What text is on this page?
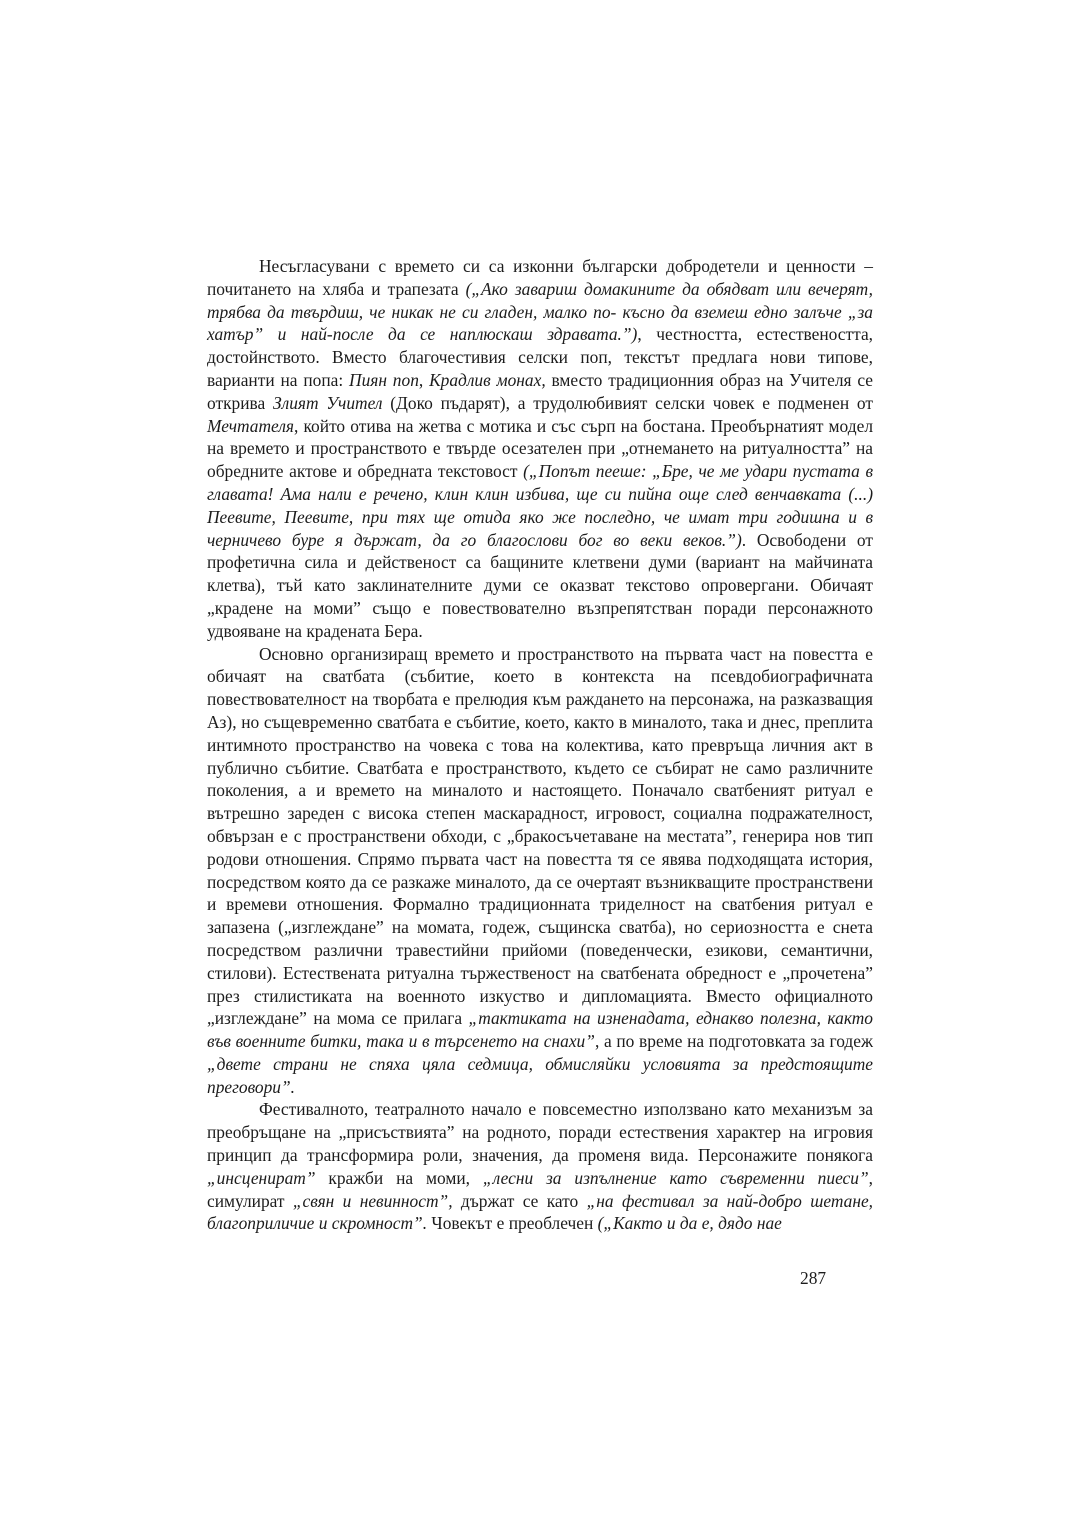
Несъгласувани с времето си са изконни български добродетели и ценности – почитането на хляба и трапезата („Ако завариш домакините да обядват или вечерят, трябва да твърдиш, че никак не си гладен, малко по- късно да вземеш едно залъче „за хатър” и най-после да се наплюскаш здравата.”), честността, естествеността, достойнството. Вместо благочестивия селски поп, текстът предлага нови типове, варианти на попа: Пиян поп, Крадлив монах, вместо традиционния образ на Учителя се открива Злият Учител (Доко пъдарят), а трудолюбивият селски човек е подменен от Мечтателя, който отива на жетва с мотика и със сърп на бостана. Преобърнатият модел на времето и пространството е твърде осезателен при „отнемането на ритуалността” на обредните актове и обредната текстовост („Попът пееше: „Бре, че ме удари пустата в главата! Ама нали е речено, клин клин избива, ще си пийна още след венчавката (...) Пеевите, Пеевите, при тях ще отида яко же последно, че имат три годишна и в черничево буре я държат, да го благослови бог во веки веков.”). Освободени от профетична сила и действеност са бащините клетвени думи (вариант на майчината клетва), тъй като заклинателните думи се оказват текстово опровергани. Обичаят „крадене на моми” също е повествователно възпрепятстван поради персонажното удвояване на крадената Бера.

Основно организиращ времето и пространството на първата част на повестта е обичаят на сватбата (събитие, което в контекста на псевдобиографичната повествователност на творбата е прелюдия към раждането на персонажа, на разказващия Аз), но същевременно сватбата е събитие, което, както в миналото, така и днес, преплита интимното пространство на човека с това на колектива, като превръща личния акт в публично събитие. Сватбата е пространството, където се събират не само различните поколения, а и времето на миналото и настоящето. Поначало сватбеният ритуал е вътрешно зареден с висока степен маскарадност, игровост, социална подражателност, обвързан е с пространствени обходи, с „бракосъчетаване на местата”, генерира нов тип родови отношения. Спрямо първата част на повестта тя се явява подходящата история, посредством която да се разкаже миналото, да се очертаят възникващите пространствени и времеви отношения. Формално традиционната триделност на сватбения ритуал е запазена („изглеждане” на момата, годеж, същинска сватба), но сериозността е снета посредством различни травестийни прийоми (поведенчески, езикови, семантични, стилови). Естествената ритуална тържественост на сватбената обредност е „прочетена” през стилистиката на военното изкуство и дипломацията. Вместо официалното „изглеждане” на мома се прилага „тактиката на изненадата, еднакво полезна, както във военните битки, така и в търсенето на снахи”, а по време на подготовката за годеж „двете страни не спяха цяла седмица, обмисляйки условията за предстоящите преговори”.

Фестивалното, театралното начало е повсеместно използвано като механизъм за преобръщане на „присъствията” на родното, поради естествения характер на игровия принцип да трансформира роли, значения, да променя вида. Персонажите понякога „инсценират” кражби на моми, „лесни за изпълнение като съвременни пиеси”, симулират „свян и невинност”, държат се като „на фестивал за най-добро шетане, благоприличие и скромност”. Човекът е преоблечен („Както и да е, дядо нае

287
